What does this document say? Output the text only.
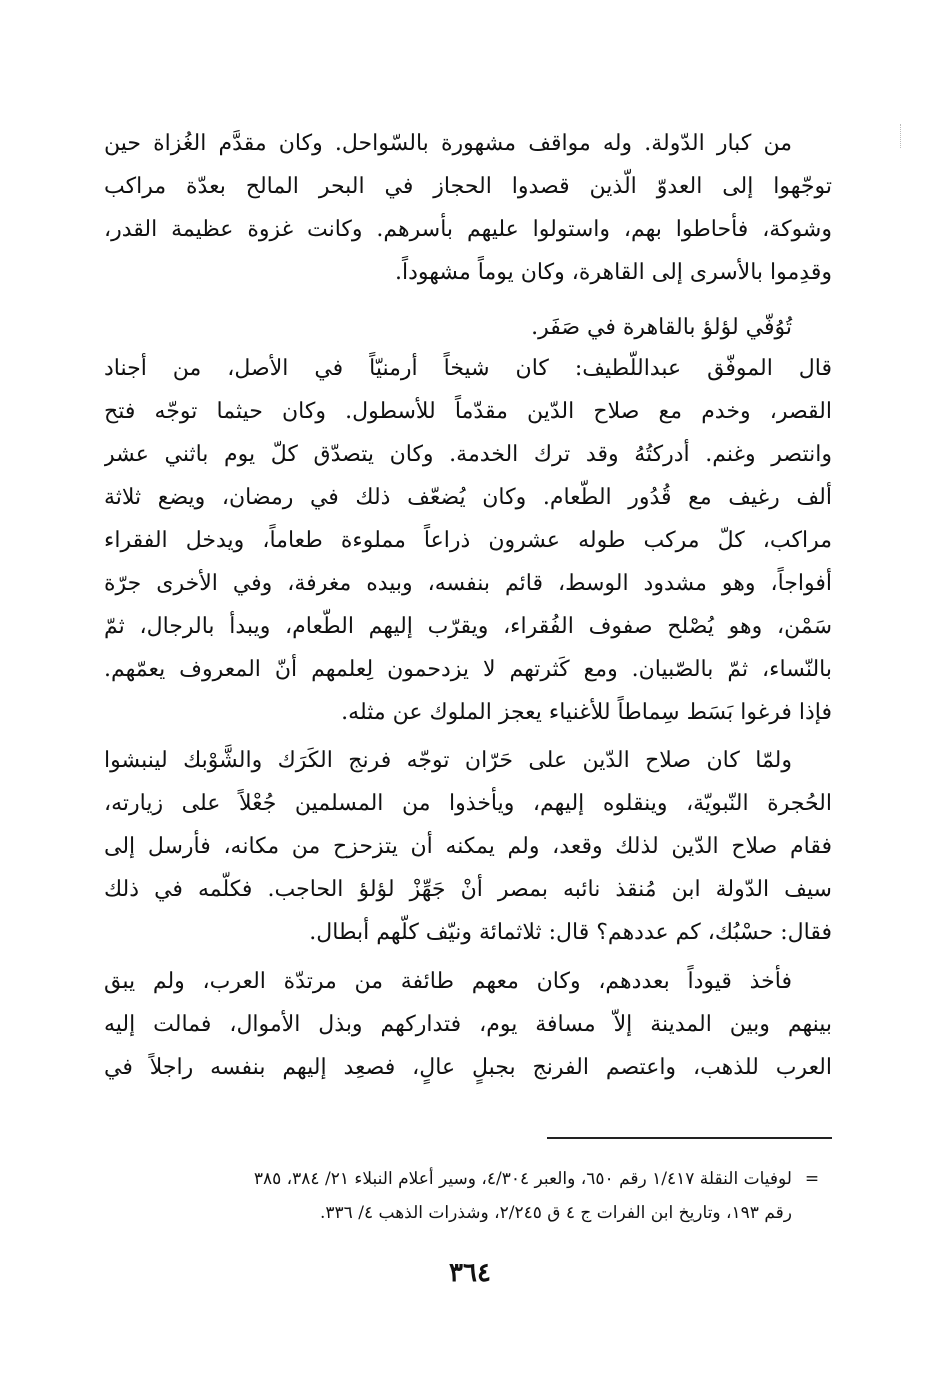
من كبار الدّولة. وله مواقف مشهورة بالسّواحل. وكان مقدَّم الغُزاة حين
توجّهوا إلى العدوّ الّذين قصدوا الحجاز في البحر المالح بعدّة مراكب
وشوكة، فأحاطوا بهم، واستولوا عليهم بأسرهم. وكانت غزوة عظيمة القدر،
وقدِموا بالأسرى إلى القاهرة، وكان يوماً مشهوداً.
تُوُفّي لؤلؤ بالقاهرة في صَفَر.
قال الموفّق عبداللّطيف: كان شيخاً أرمنيّاً في الأصل، من أجناد
القصر، وخدم مع صلاح الدّين مقدّماً للأسطول. وكان حيثما توجّه فتح
وانتصر وغنم. أدركتُهُ وقد ترك الخدمة. وكان يتصدّق كلّ يوم باثني عشر
ألف رغيف مع قُدُور الطّعام. وكان يُضعّف ذلك في رمضان، ويضع ثلاثة
مراكب، كلّ مركب طوله عشرون ذراعاً مملوءة طعاماً، ويدخل الفقراء
أفواجاً، وهو مشدود الوسط، قائم بنفسه، وبيده مغرفة، وفي الأخرى جرّة
سَمْن، وهو يُصْلح صفوف الفُقراء، ويقرّب إليهم الطّعام، ويبدأ بالرجال، ثمّ
بالنّساء، ثمّ بالصّبيان. ومع كَثرتهم لا يزدحمون لِعلمهم أنّ المعروف يعمّهم.
فإذا فرغوا بَسَط سِماطاً للأغنياء يعجز الملوك عن مثله.
ولمّا كان صلاح الدّين على حَرّان توجّه فرنج الكَرَك والشَّوْبك لينبشوا
الحُجرة النّبويّة، وينقلوه إليهم، ويأخذوا من المسلمين جُعْلاً على زيارته،
فقام صلاح الدّين لذلك وقعد، ولم يمكنه أن يتزحزح من مكانه، فأرسل إلى
سيف الدّولة ابن مُنقذ نائبه بمصر أنْ جَهِّزْ لؤلؤ الحاجب. فكلّمه في ذلك
فقال: حسْبُك، كم عددهم؟ قال: ثلاثمائة ونيّف كلّهم أبطال.
فأخذ قيوداً بعددهم، وكان معهم طائفة من مرتدّة العرب، ولم يبق
بينهم وبين المدينة إلاّ مسافة يوم، فتداركهم وبذل الأموال، فمالت إليه
العرب للذهب، واعتصم الفرنج بجبلٍ عالٍ، فصعِد إليهم بنفسه راجلاً في
=لوفيات النقلة ١/٤١٧ رقم ٦٥٠، والعبر ٤/٣٠٤، وسير أعلام النبلاء ٢١/ ٣٨٤، ٣٨٥
رقم ١٩٣، وتاريخ ابن الفرات ج ٤ ق ٢/٢٤٥، وشذرات الذهب ٤/ ٣٣٦.
٣٦٤
